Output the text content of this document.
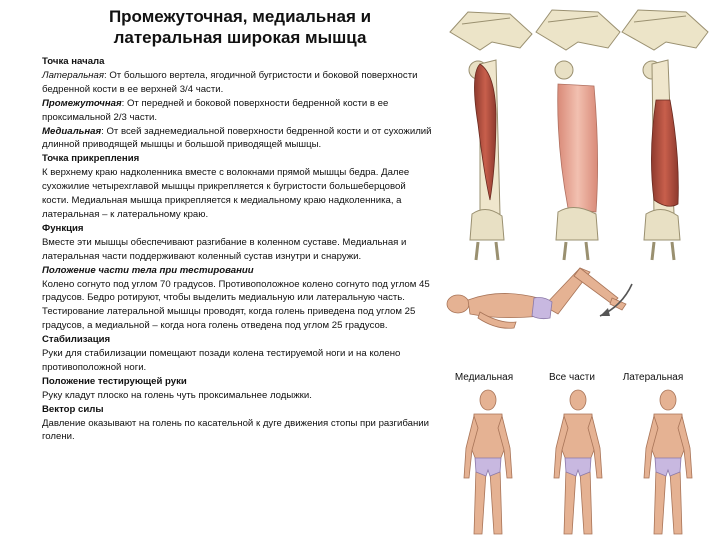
Промежуточная, медиальная и
латеральная широкая мышца

Точка начала

Латеральная: От большого вертела, ягодичной бугристости и боковой поверхности бедренной кости в ее верхней 3/4 части.

Промежуточная: От передней и боковой поверхности бедренной кости в ее проксимальной 2/3 части.

Медиальная: От всей заднемедиальной поверхности бедренной кости и от сухожилий длинной приводящей мышцы и большой приводящей мышцы.

Точка прикрепления

К верхнему краю надколенника вместе с волокнами прямой мышцы бедра. Далее сухожилие четырехглавой мышцы прикрепляется к бугристости большеберцовой кости. Медиальная мышца прикрепляется к медиальному краю надколенника, а латеральная – к латеральному краю.

Функция

Вместе эти мышцы обеспечивают разгибание в коленном суставе. Медиальная и латеральная части поддерживают коленный сустав изнутри и снаружи.

Положение части тела при тестировании

Колено согнуто под углом 70 градусов. Противоположное колено согнуто под углом 45 градусов. Бедро ротируют, чтобы выделить медиальную или латеральную часть. Тестирование латеральной мышцы проводят, когда голень приведена под углом 25 градусов, а медиальной – когда нога голень отведена под углом 25 градусов.

Стабилизация

Руки для стабилизации помещают позади колена тестируемой ноги и на колено противоположной ноги.

Положение тестирующей руки

Руку кладут плоско на голень чуть проксимальнее лодыжки.

Вектор силы

Давление оказывают на голень по касательной к дуге движения стопы при разгибании голени.

Медиальная	Все части	Латеральная
